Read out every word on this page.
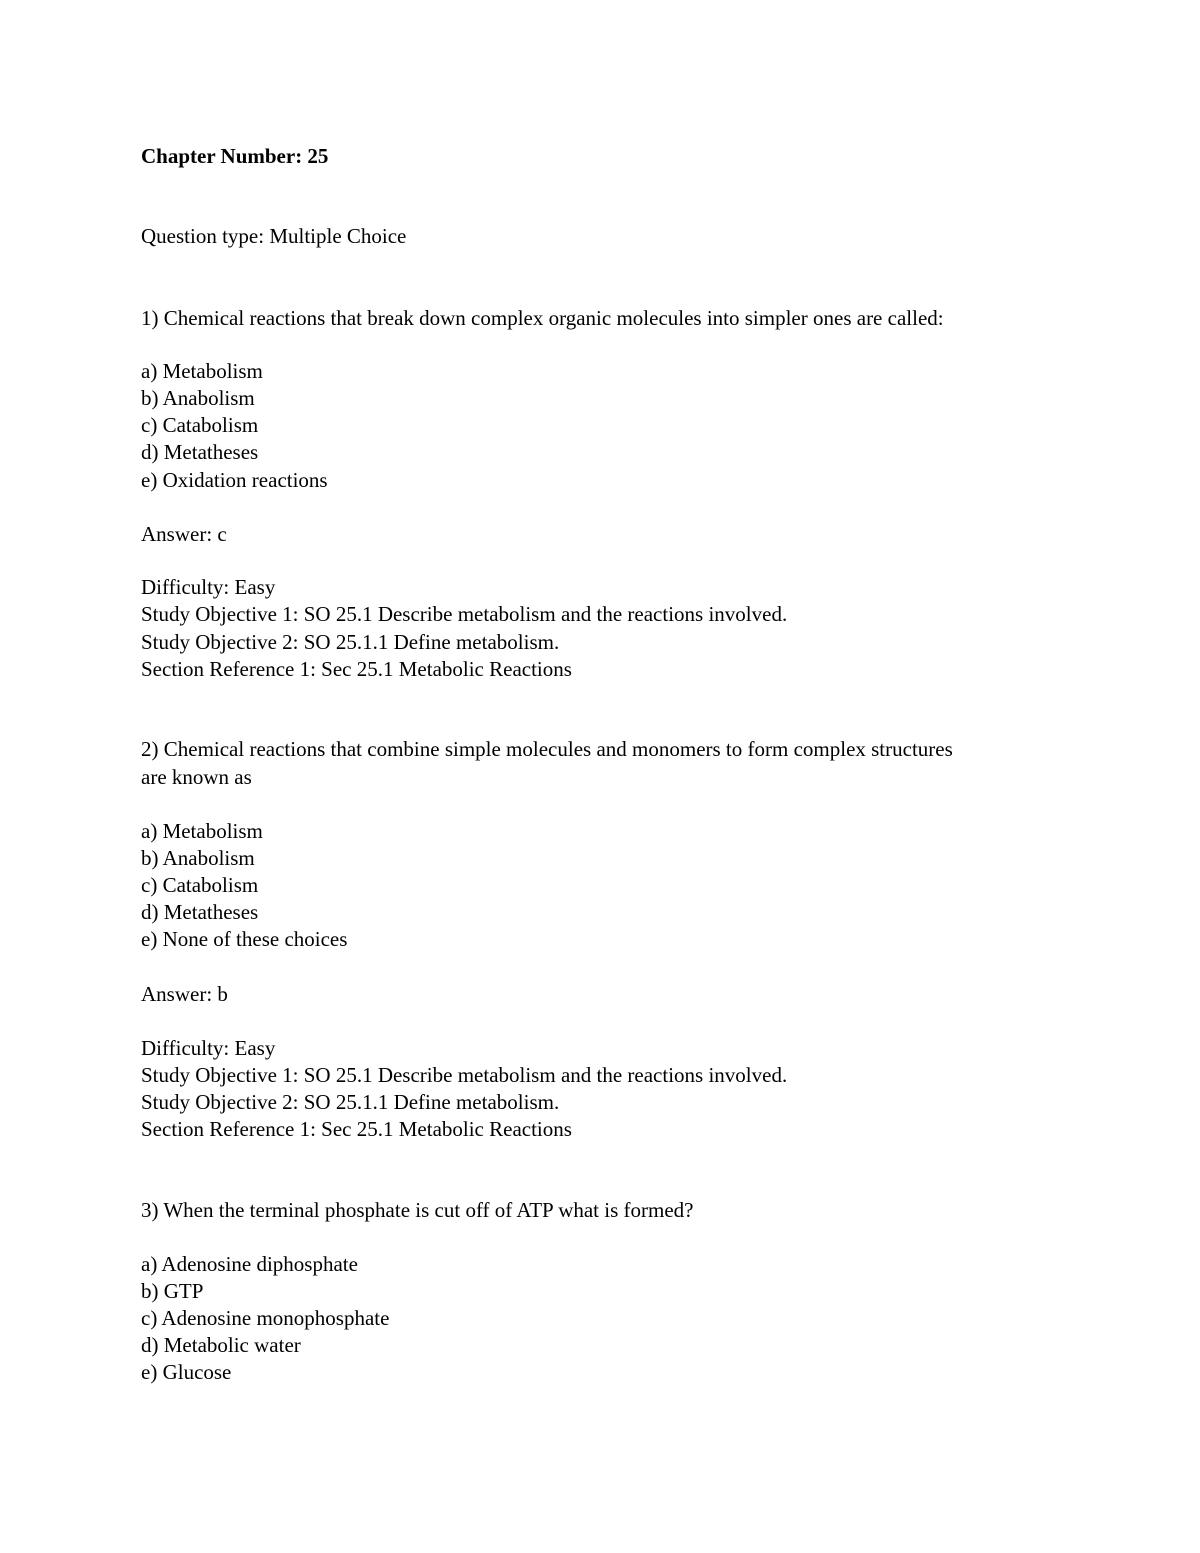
Chapter Number: 25
Question type: Multiple Choice
1) Chemical reactions that break down complex organic molecules into simpler ones are called:
a) Metabolism
b) Anabolism
c) Catabolism
d) Metatheses
e) Oxidation reactions
Answer: c
Difficulty: Easy
Study Objective 1: SO 25.1 Describe metabolism and the reactions involved.
Study Objective 2: SO 25.1.1 Define metabolism.
Section Reference 1: Sec 25.1 Metabolic Reactions
2) Chemical reactions that combine simple molecules and monomers to form complex structures
are known as
a) Metabolism
b) Anabolism
c) Catabolism
d) Metatheses
e) None of these choices
Answer: b
Difficulty: Easy
Study Objective 1: SO 25.1 Describe metabolism and the reactions involved.
Study Objective 2: SO 25.1.1 Define metabolism.
Section Reference 1: Sec 25.1 Metabolic Reactions
3) When the terminal phosphate is cut off of ATP what is formed?
a) Adenosine diphosphate
b) GTP
c) Adenosine monophosphate
d) Metabolic water
e) Glucose
